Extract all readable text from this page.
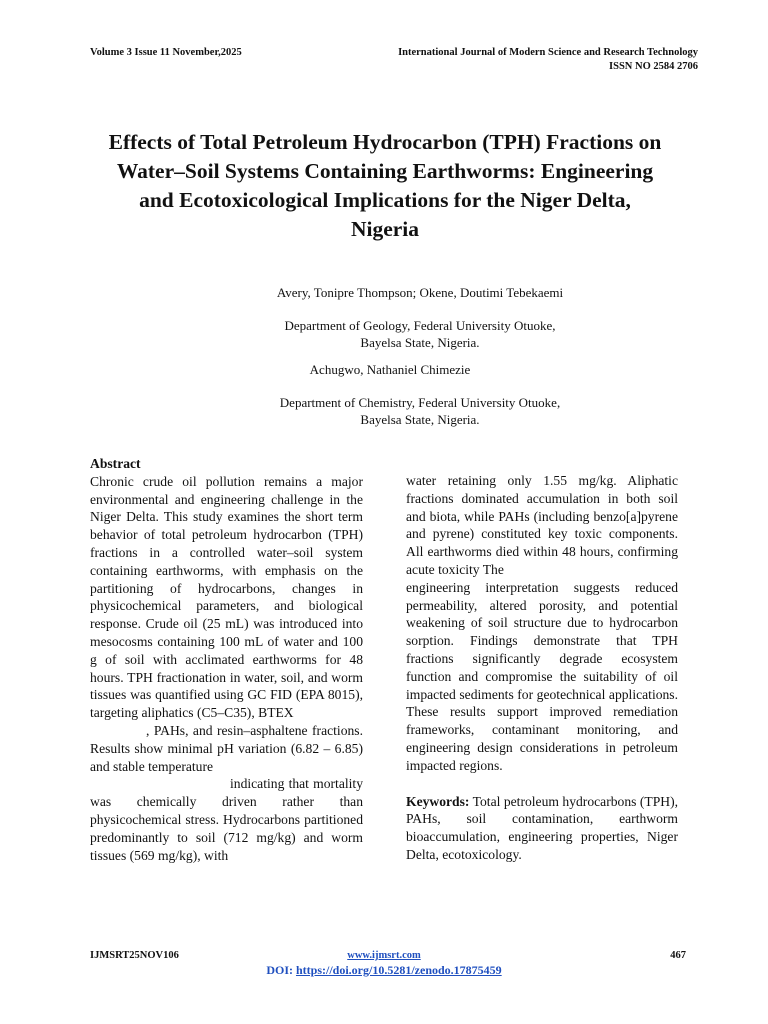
Volume 3 Issue 11 November,2025	International Journal of Modern Science and Research Technology
ISSN NO 2584 2706
Effects of Total Petroleum Hydrocarbon (TPH) Fractions on
Water–Soil Systems Containing Earthworms: Engineering
and Ecotoxicological Implications for the Niger Delta,
Nigeria
Avery, Tonipre Thompson; Okene, Doutimi Tebekaemi
Department of Geology, Federal University Otuoke,
Bayelsa State, Nigeria.
Achugwo, Nathaniel Chimezie
Department of Chemistry, Federal University Otuoke,
Bayelsa State, Nigeria.
Abstract

Chronic crude oil pollution remains a major environmental and engineering challenge in the Niger Delta. This study examines the short term behavior of total petroleum hydrocarbon (TPH) fractions in a controlled water–soil system containing earthworms, with emphasis on the partitioning of hydrocarbons, changes in physicochemical parameters, and biological response. Crude oil (25 mL) was introduced into mesocosms containing 100 mL of water and 100 g of soil with acclimated earthworms for 48 hours. TPH fractionation in water, soil, and worm tissues was quantified using GC FID (EPA 8015), targeting aliphatics (C5–C35), BTEX

, PAHs, and resin–asphaltene fractions. Results show minimal pH variation (6.82 – 6.85) and stable temperature

indicating that mortality was chemically driven rather than physicochemical stress. Hydrocarbons partitioned predominantly to soil (712 mg/kg) and worm tissues (569 mg/kg), with

water retaining only 1.55 mg/kg. Aliphatic fractions dominated accumulation in both soil and biota, while PAHs (including benzo[a]pyrene and pyrene) constituted key toxic components. All earthworms died within 48 hours, confirming acute toxicity The

engineering interpretation suggests reduced permeability, altered porosity, and potential weakening of soil structure due to hydrocarbon sorption. Findings demonstrate that TPH fractions significantly degrade ecosystem function and compromise the suitability of oil impacted sediments for geotechnical applications. These results support improved remediation frameworks, contaminant monitoring, and engineering design considerations in petroleum impacted regions.

Keywords: Total petroleum hydrocarbons (TPH), PAHs, soil contamination, earthworm bioaccumulation, engineering properties, Niger Delta, ecotoxicology.

IJMSRT25NOV106	www.ijmsrt.com	467
DOI: https://doi.org/10.5281/zenodo.17875459
